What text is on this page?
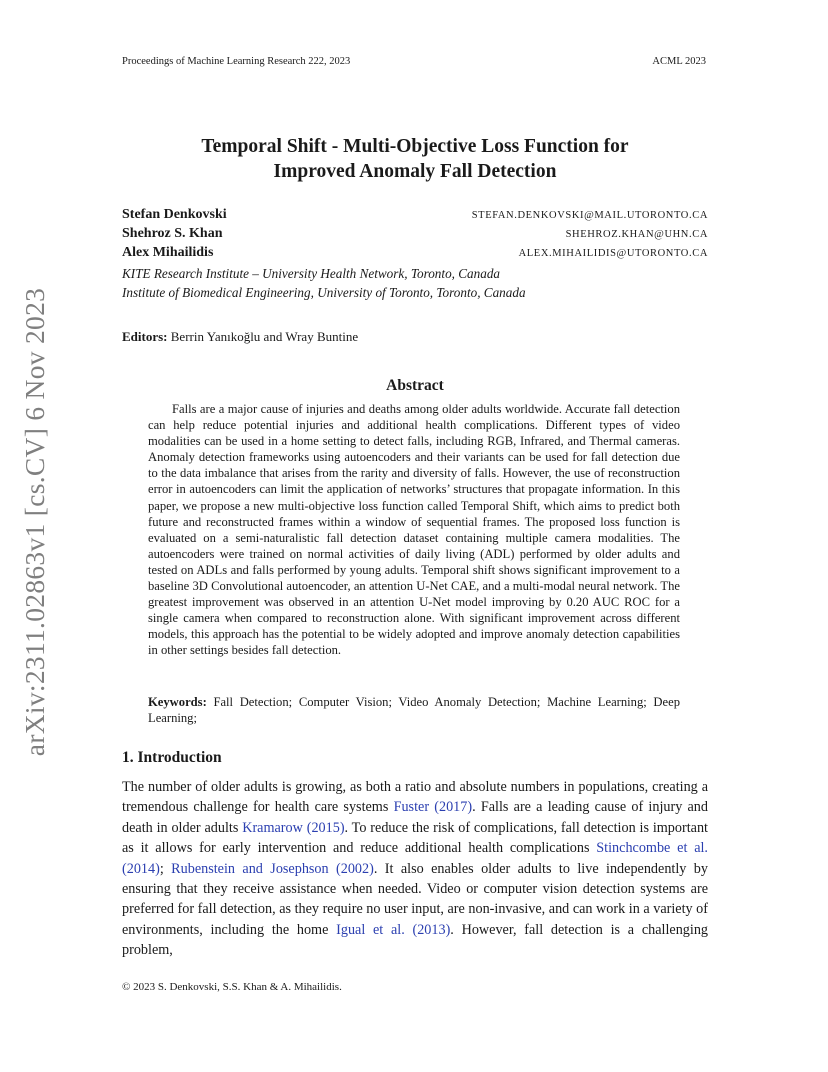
Proceedings of Machine Learning Research 222, 2023	ACML 2023
arXiv:2311.02863v1 [cs.CV] 6 Nov 2023
Temporal Shift - Multi-Objective Loss Function for
Improved Anomaly Fall Detection
Stefan Denkovski	STEFAN.DENKOVSKI@MAIL.UTORONTO.CA
Shehroz S. Khan	SHEHROZ.KHAN@UHN.CA
Alex Mihailidis	ALEX.MIHAILIDIS@UTORONTO.CA
KITE Research Institute – University Health Network, Toronto, Canada
Institute of Biomedical Engineering, University of Toronto, Toronto, Canada
Editors: Berrin Yanıkoğlu and Wray Buntine
Abstract

Falls are a major cause of injuries and deaths among older adults worldwide. Accurate fall detection can help reduce potential injuries and additional health complications. Different types of video modalities can be used in a home setting to detect falls, including RGB, Infrared, and Thermal cameras. Anomaly detection frameworks using autoencoders and their variants can be used for fall detection due to the data imbalance that arises from the rarity and diversity of falls. However, the use of reconstruction error in autoencoders can limit the application of networks’ structures that propagate information. In this paper, we propose a new multi-objective loss function called Temporal Shift, which aims to predict both future and reconstructed frames within a window of sequential frames. The proposed loss function is evaluated on a semi-naturalistic fall detection dataset containing multiple camera modalities. The autoencoders were trained on normal activities of daily living (ADL) performed by older adults and tested on ADLs and falls performed by young adults. Temporal shift shows significant improvement to a baseline 3D Convolutional autoencoder, an attention U-Net CAE, and a multi-modal neural network. The greatest improvement was observed in an attention U-Net model improving by 0.20 AUC ROC for a single camera when compared to reconstruction alone. With significant improvement across different models, this approach has the potential to be widely adopted and improve anomaly detection capabilities in other settings besides fall detection.

Keywords: Fall Detection; Computer Vision; Video Anomaly Detection; Machine Learning; Deep Learning;

1. Introduction

The number of older adults is growing, as both a ratio and absolute numbers in populations, creating a tremendous challenge for health care systems Fuster (2017). Falls are a leading cause of injury and death in older adults Kramarow (2015). To reduce the risk of complications, fall detection is important as it allows for early intervention and reduce additional health complications Stinchcombe et al. (2014); Rubenstein and Josephson (2002). It also enables older adults to live independently by ensuring that they receive assistance when needed. Video or computer vision detection systems are preferred for fall detection, as they require no user input, are non-invasive, and can work in a variety of environments, including the home Igual et al. (2013). However, fall detection is a challenging problem,

© 2023 S. Denkovski, S.S. Khan & A. Mihailidis.
